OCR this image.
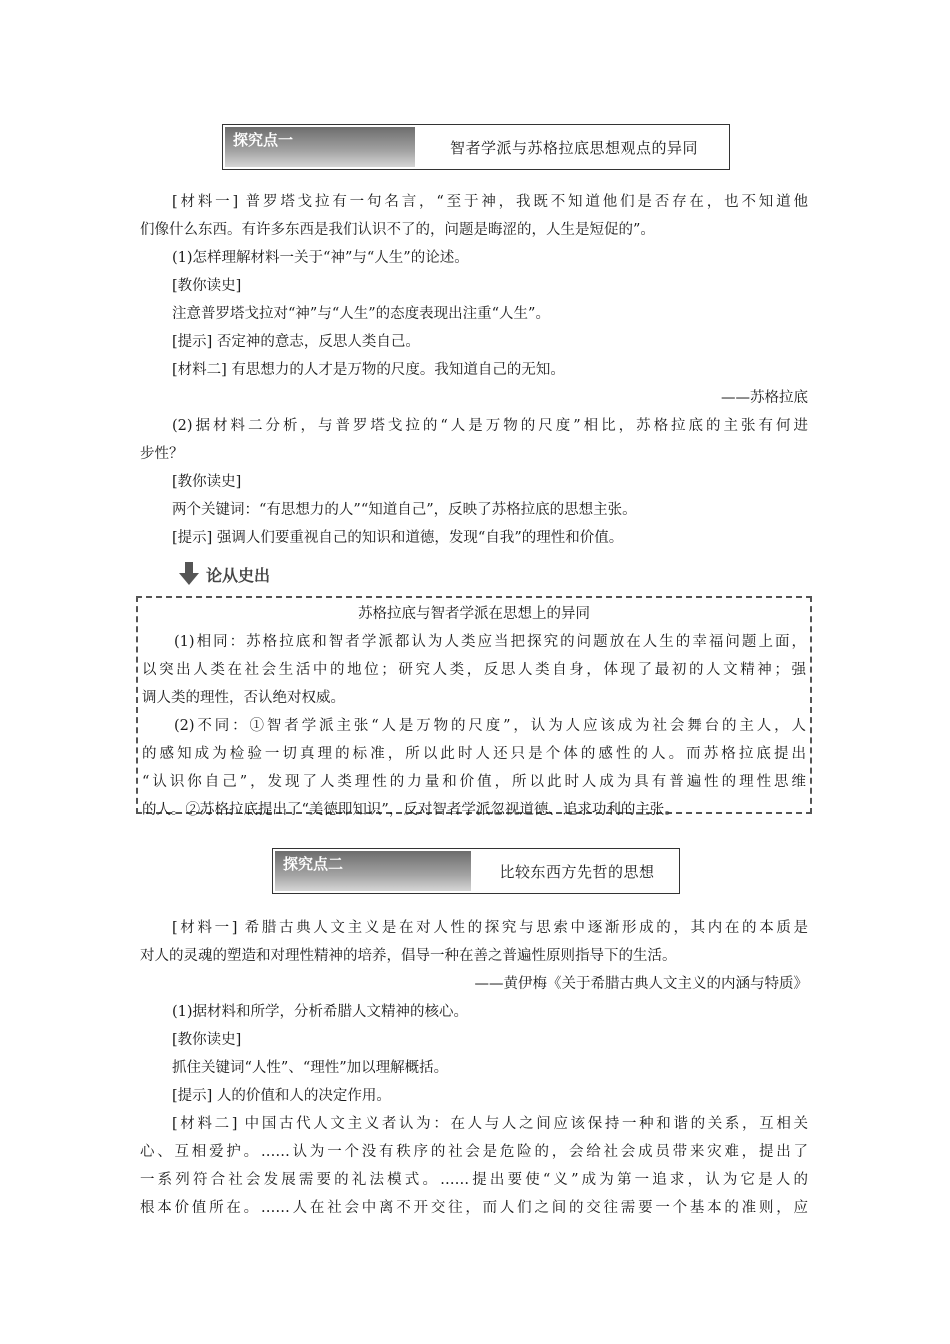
探究点一	智者学派与苏格拉底思想观点的异同
[材料一] 普罗塔戈拉有一句名言，“至于神，我既不知道他们是否存在，也不知道他
们像什么东西。有许多东西是我们认识不了的，问题是晦涩的，人生是短促的”。
(1)怎样理解材料一关于“神”与“人生”的论述。
[教你读史]
注意普罗塔戈拉对“神”与“人生”的态度表现出注重“人生”。
[提示] 否定神的意志，反思人类自己。
[材料二] 有思想力的人才是万物的尺度。我知道自己的无知。
——苏格拉底
(2)据材料二分析，与普罗塔戈拉的“人是万物的尺度”相比，苏格拉底的主张有何进
步性？
[教你读史]
两个关键词：“有思想力的人”“知道自己”，反映了苏格拉底的思想主张。
[提示] 强调人们要重视自己的知识和道德，发现“自我”的理性和价值。
论从史出
苏格拉底与智者学派在思想上的异同
(1)相同：苏格拉底和智者学派都认为人类应当把探究的问题放在人生的幸福问题上面，
以突出人类在社会生活中的地位；研究人类，反思人类自身，体现了最初的人文精神；强
调人类的理性，否认绝对权威。
(2)不同：①智者学派主张“人是万物的尺度”，认为人应该成为社会舞台的主人，人
的感知成为检验一切真理的标准，所以此时人还只是个体的感性的人。而苏格拉底提出
“认识你自己”，发现了人类理性的力量和价值，所以此时人成为具有普遍性的理性思维
的人。②苏格拉底提出了“美德即知识”，反对智者学派忽视道德、追求功利的主张。
探究点二	比较东西方先哲的思想
[材料一] 希腊古典人文主义是在对人性的探究与思索中逐渐形成的，其内在的本质是
对人的灵魂的塑造和对理性精神的培养，倡导一种在善之普遍性原则指导下的生活。
——黄伊梅《关于希腊古典人文主义的内涵与特质》
(1)据材料和所学，分析希腊人文精神的核心。
[教你读史]
抓住关键词“人性”、“理性”加以理解概括。
[提示] 人的价值和人的决定作用。
[材料二] 中国古代人文主义者认为：在人与人之间应该保持一种和谐的关系，互相关
心、互相爱护。……认为一个没有秩序的社会是危险的，会给社会成员带来灾难，提出了
一系列符合社会发展需要的礼法模式。……提出要使“义”成为第一追求，认为它是人的
根本价值所在。……人在社会中离不开交往，而人们之间的交往需要一个基本的准则，应
